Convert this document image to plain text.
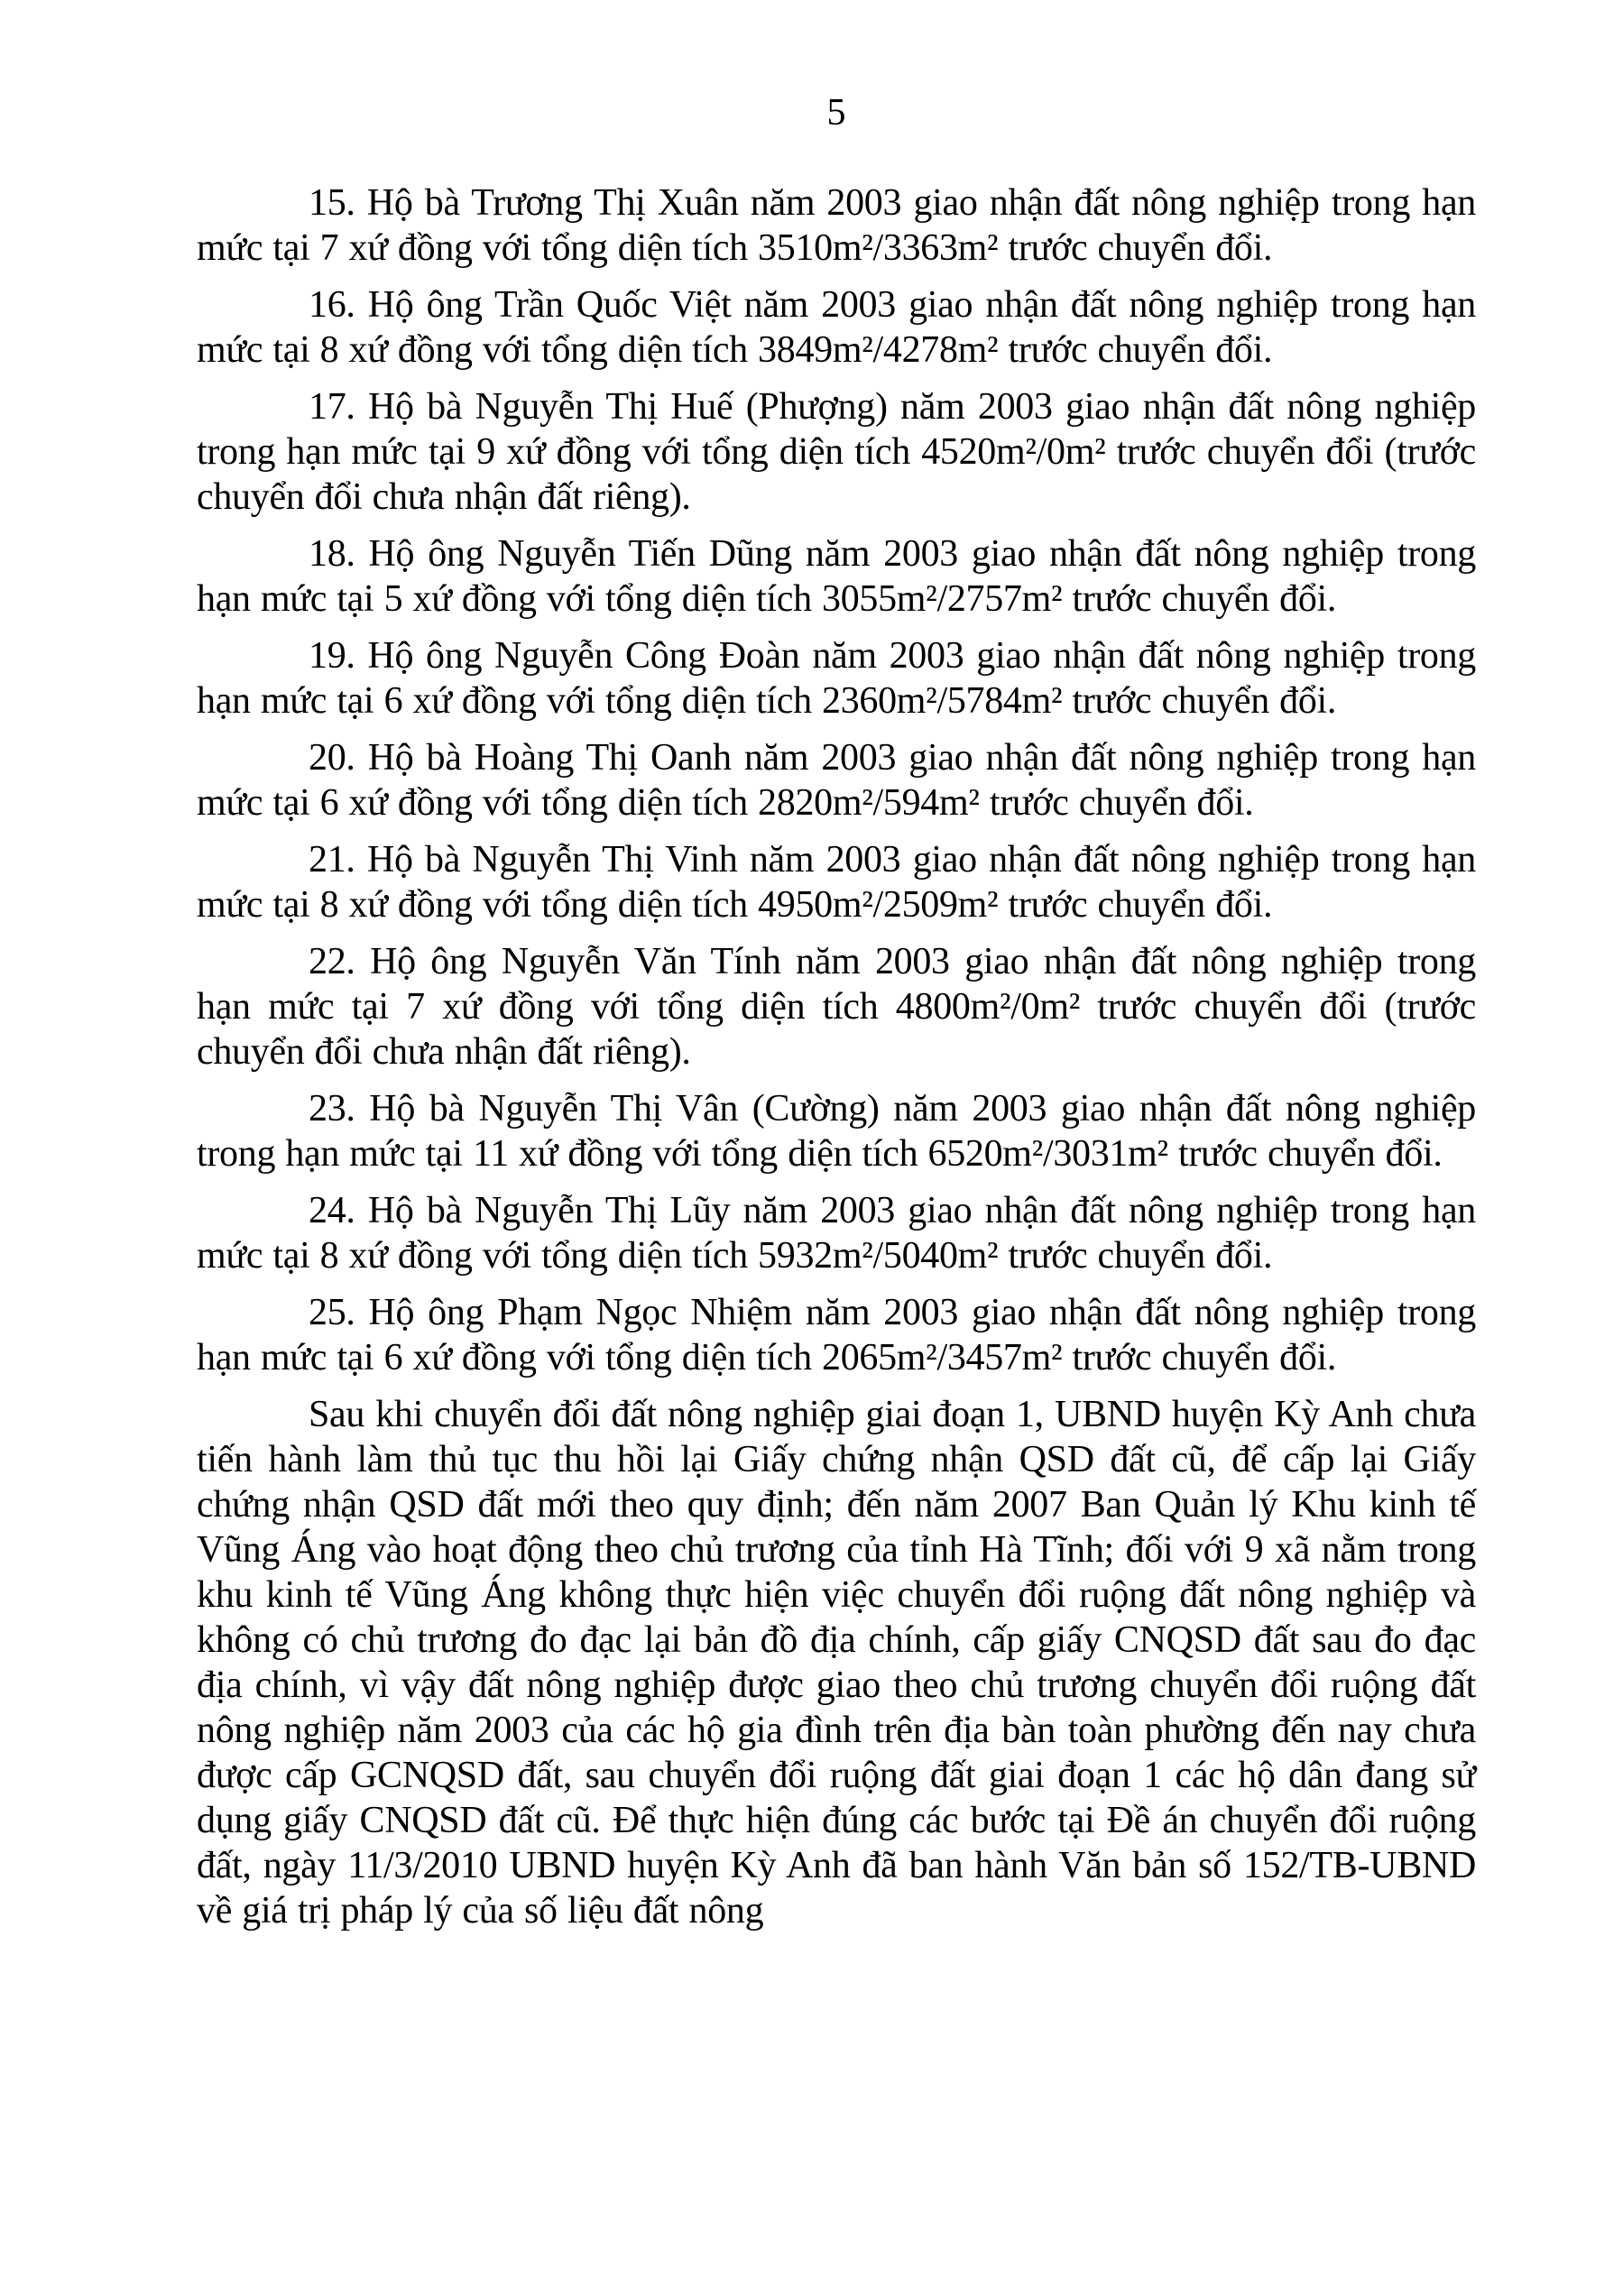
5

15. Hộ bà Trương Thị Xuân năm 2003 giao nhận đất nông nghiệp trong hạn mức tại 7 xứ đồng với tổng diện tích 3510m²/3363m² trước chuyển đổi.

16. Hộ ông Trần Quốc Việt năm 2003 giao nhận đất nông nghiệp trong hạn mức tại 8 xứ đồng với tổng diện tích 3849m²/4278m² trước chuyển đổi.

17. Hộ bà Nguyễn Thị Huế (Phượng) năm 2003 giao nhận đất nông nghiệp trong hạn mức tại 9 xứ đồng với tổng diện tích 4520m²/0m² trước chuyển đổi (trước chuyển đổi chưa nhận đất riêng).

18. Hộ ông Nguyễn Tiến Dũng năm 2003 giao nhận đất nông nghiệp trong hạn mức tại 5 xứ đồng với tổng diện tích 3055m²/2757m² trước chuyển đổi.

19. Hộ ông Nguyễn Công Đoàn năm 2003 giao nhận đất nông nghiệp trong hạn mức tại 6 xứ đồng với tổng diện tích 2360m²/5784m² trước chuyển đổi.

20. Hộ bà Hoàng Thị Oanh năm 2003 giao nhận đất nông nghiệp trong hạn mức tại 6 xứ đồng với tổng diện tích 2820m²/594m² trước chuyển đổi.

21. Hộ bà Nguyễn Thị Vinh năm 2003 giao nhận đất nông nghiệp trong hạn mức tại 8 xứ đồng với tổng diện tích 4950m²/2509m² trước chuyển đổi.

22. Hộ ông Nguyễn Văn Tính năm 2003 giao nhận đất nông nghiệp trong hạn mức tại 7 xứ đồng với tổng diện tích 4800m²/0m² trước chuyển đổi (trước chuyển đổi chưa nhận đất riêng).

23. Hộ bà Nguyễn Thị Vân (Cường) năm 2003 giao nhận đất nông nghiệp trong hạn mức tại 11 xứ đồng với tổng diện tích 6520m²/3031m² trước chuyển đổi.

24. Hộ bà Nguyễn Thị Lũy năm 2003 giao nhận đất nông nghiệp trong hạn mức tại 8 xứ đồng với tổng diện tích 5932m²/5040m² trước chuyển đổi.

25. Hộ ông Phạm Ngọc Nhiệm năm 2003 giao nhận đất nông nghiệp trong hạn mức tại 6 xứ đồng với tổng diện tích 2065m²/3457m² trước chuyển đổi.

Sau khi chuyển đổi đất nông nghiệp giai đoạn 1, UBND huyện Kỳ Anh chưa tiến hành làm thủ tục thu hồi lại Giấy chứng nhận QSD đất cũ, để cấp lại Giấy chứng nhận QSD đất mới theo quy định; đến năm 2007 Ban Quản lý Khu kinh tế Vũng Áng vào hoạt động theo chủ trương của tỉnh Hà Tĩnh; đối với 9 xã nằm trong khu kinh tế Vũng Áng không thực hiện việc chuyển đổi ruộng đất nông nghiệp và không có chủ trương đo đạc lại bản đồ địa chính, cấp giấy CNQSD đất sau đo đạc địa chính, vì vậy đất nông nghiệp được giao theo chủ trương chuyển đổi ruộng đất nông nghiệp năm 2003 của các hộ gia đình trên địa bàn toàn phường đến nay chưa được cấp GCNQSD đất, sau chuyển đổi ruộng đất giai đoạn 1 các hộ dân đang sử dụng giấy CNQSD đất cũ. Để thực hiện đúng các bước tại Đề án chuyển đổi ruộng đất, ngày 11/3/2010 UBND huyện Kỳ Anh đã ban hành Văn bản số 152/TB-UBND về giá trị pháp lý của số liệu đất nông
